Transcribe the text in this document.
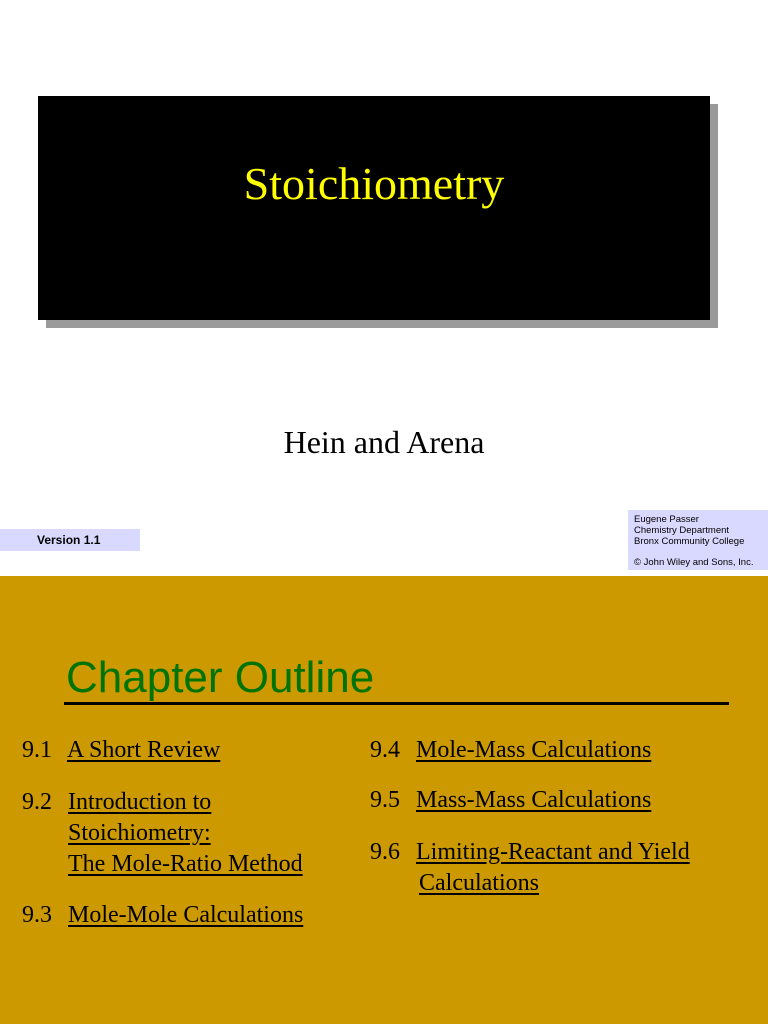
Stoichiometry
Hein and Arena
Version 1.1
Eugene Passer
Chemistry Department
Bronx Community College
© John Wiley and Sons, Inc.
Chapter Outline
9.1 A Short Review
9.2 Introduction to
Stoichiometry:
The Mole-Ratio Method
9.3 Mole-Mole Calculations
9.4 Mole-Mass Calculations
9.5 Mass-Mass Calculations
9.6 Limiting-Reactant and Yield
Calculations
